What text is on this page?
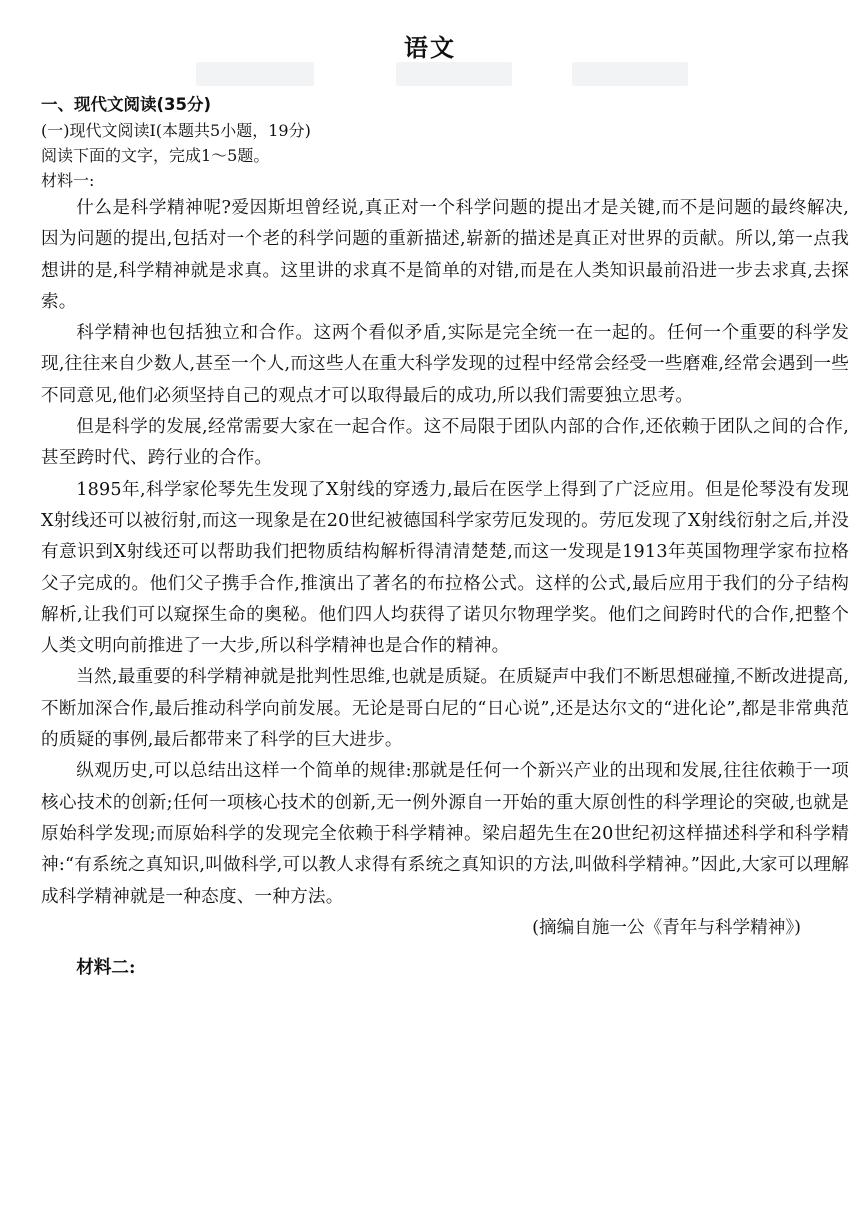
语文

一、现代文阅读(35分)

(一)现代文阅读Ⅰ(本题共5小题，19分)

阅读下面的文字，完成1～5题。

材料一:

什么是科学精神呢?爱因斯坦曾经说,真正对一个科学问题的提出才是关键,而不是问题的最终解决,因为问题的提出,包括对一个老的科学问题的重新描述,崭新的描述是真正对世界的贡献。所以,第一点我想讲的是,科学精神就是求真。这里讲的求真不是简单的对错,而是在人类知识最前沿进一步去求真,去探索。

科学精神也包括独立和合作。这两个看似矛盾,实际是完全统一在一起的。任何一个重要的科学发现,往往来自少数人,甚至一个人,而这些人在重大科学发现的过程中经常会经受一些磨难,经常会遇到一些不同意见,他们必须坚持自己的观点才可以取得最后的成功,所以我们需要独立思考。

但是科学的发展,经常需要大家在一起合作。这不局限于团队内部的合作,还依赖于团队之间的合作,甚至跨时代、跨行业的合作。

1895年,科学家伦琴先生发现了X射线的穿透力,最后在医学上得到了广泛应用。但是伦琴没有发现X射线还可以被衍射,而这一现象是在20世纪被德国科学家劳厄发现的。劳厄发现了X射线衍射之后,并没有意识到X射线还可以帮助我们把物质结构解析得清清楚楚,而这一发现是1913年英国物理学家布拉格父子完成的。他们父子携手合作,推演出了著名的布拉格公式。这样的公式,最后应用于我们的分子结构解析,让我们可以窥探生命的奥秘。他们四人均获得了诺贝尔物理学奖。他们之间跨时代的合作,把整个人类文明向前推进了一大步,所以科学精神也是合作的精神。

当然,最重要的科学精神就是批判性思维,也就是质疑。在质疑声中我们不断思想碰撞,不断改进提高,不断加深合作,最后推动科学向前发展。无论是哥白尼的“日心说”,还是达尔文的“进化论”,都是非常典范的质疑的事例,最后都带来了科学的巨大进步。

纵观历史,可以总结出这样一个简单的规律:那就是任何一个新兴产业的出现和发展,往往依赖于一项核心技术的创新;任何一项核心技术的创新,无一例外源自一开始的重大原创性的科学理论的突破,也就是原始科学发现;而原始科学的发现完全依赖于科学精神。梁启超先生在20世纪初这样描述科学和科学精神:“有系统之真知识,叫做科学,可以教人求得有系统之真知识的方法,叫做科学精神。”因此,大家可以理解成科学精神就是一种态度、一种方法。

(摘编自施一公《青年与科学精神》)

材料二:
